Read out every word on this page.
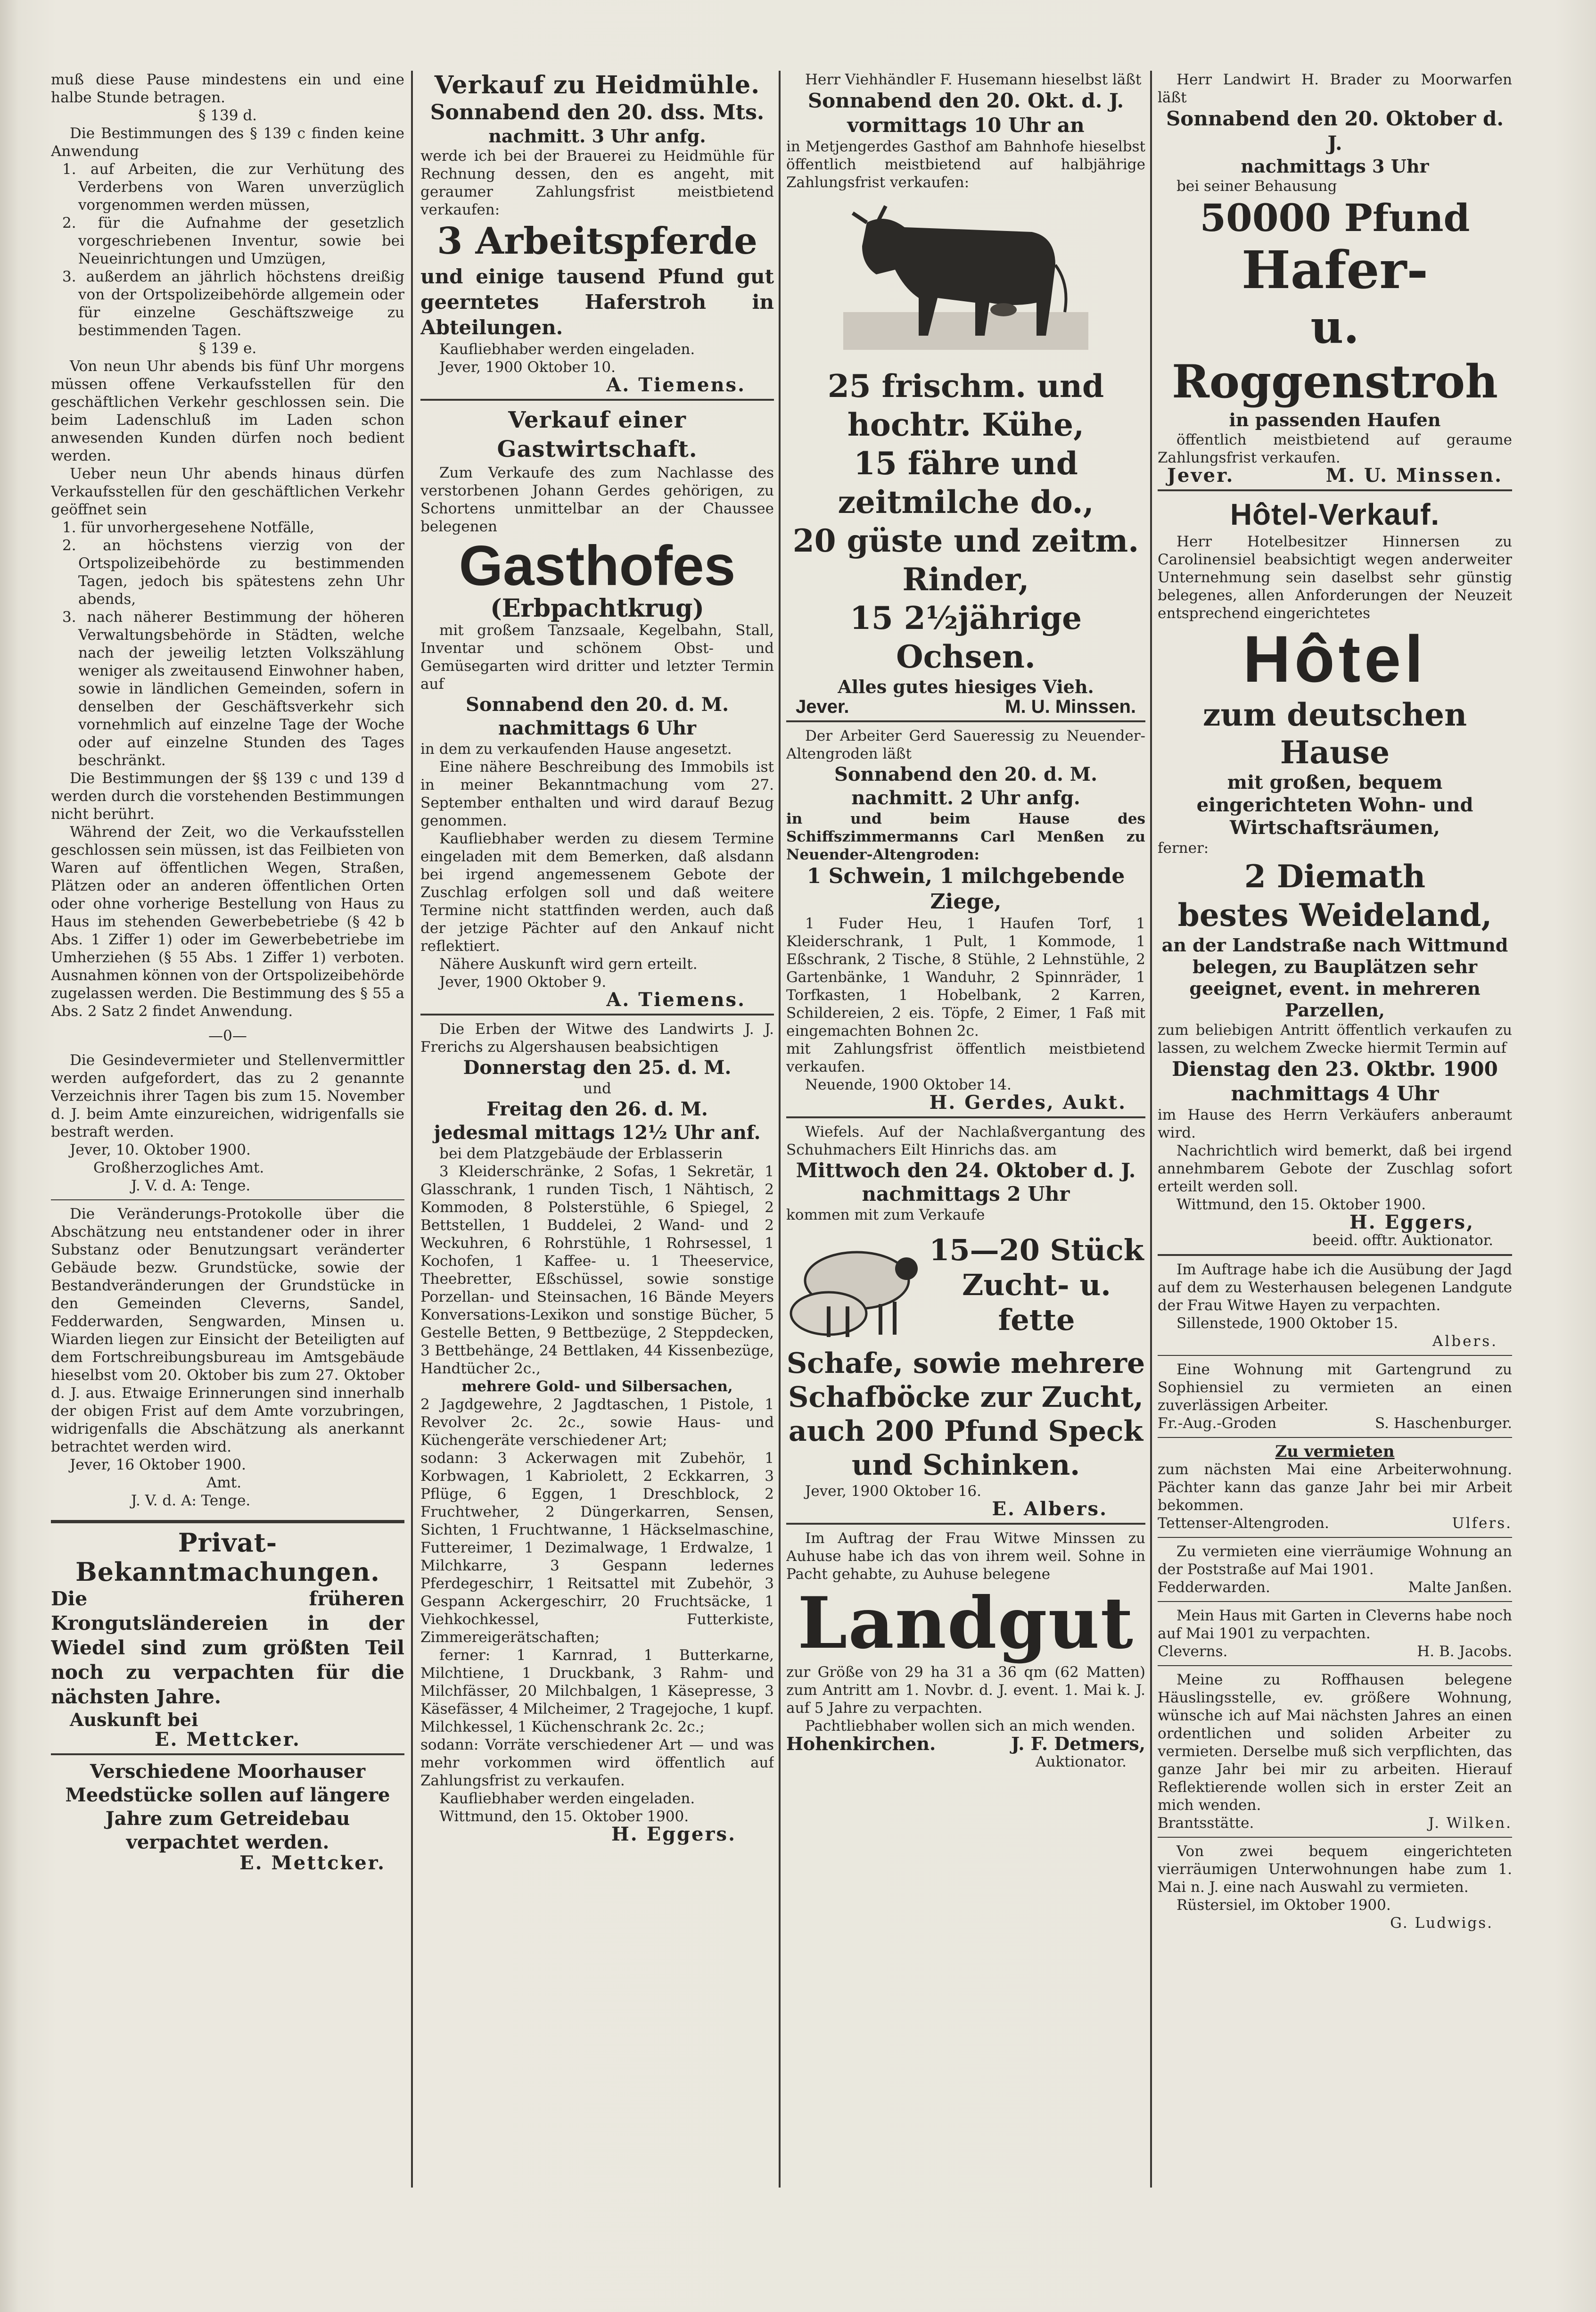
muß diese Pause mindestens ein und eine halbe Stunde betragen.

§ 139 d.

Die Bestimmungen des § 139 c finden keine Anwendung

1. auf Arbeiten, die zur Verhütung des Verderbens von Waren unverzüglich vorgenommen werden müssen,

2. für die Aufnahme der gesetzlich vorgeschriebenen Inventur, sowie bei Neueinrichtungen und Umzügen,

3. außerdem an jährlich höchstens dreißig von der Ortspolizeibehörde allgemein oder für einzelne Geschäftszweige zu bestimmenden Tagen.

§ 139 e.

Von neun Uhr abends bis fünf Uhr morgens müssen offene Verkaufsstellen für den geschäftlichen Verkehr geschlossen sein. Die beim Ladenschluß im Laden schon anwesenden Kunden dürfen noch bedient werden.

Ueber neun Uhr abends hinaus dürfen Verkaufsstellen für den geschäftlichen Verkehr geöffnet sein

1. für unvorhergesehene Notfälle,

2. an höchstens vierzig von der Ortspolizeibehörde zu bestimmenden Tagen, jedoch bis spätestens zehn Uhr abends,

3. nach näherer Bestimmung der höheren Verwaltungsbehörde in Städten, welche nach der jeweilig letzten Volkszählung weniger als zweitausend Einwohner haben, sowie in ländlichen Gemeinden, sofern in denselben der Geschäftsverkehr sich vornehmlich auf einzelne Tage der Woche oder auf einzelne Stunden des Tages beschränkt.

Die Bestimmungen der §§ 139 c und 139 d werden durch die vorstehenden Bestimmungen nicht berührt.

Während der Zeit, wo die Verkaufsstellen geschlossen sein müssen, ist das Feilbieten von Waren auf öffentlichen Wegen, Straßen, Plätzen oder an anderen öffentlichen Orten oder ohne vorherige Bestellung von Haus zu Haus im stehenden Gewerbebetriebe (§ 42 b Abs. 1 Ziffer 1) oder im Gewerbebetriebe im Umherziehen (§ 55 Abs. 1 Ziffer 1) verboten. Ausnahmen können von der Ortspolizeibehörde zugelassen werden. Die Bestimmung des § 55 a Abs. 2 Satz 2 findet Anwendung.

—0—

Die Gesindevermieter und Stellenvermittler werden aufgefordert, das zu 2 genannte Verzeichnis ihrer Tagen bis zum 15. November d. J. beim Amte einzureichen, widrigenfalls sie bestraft werden.

Jever, 10. Oktober 1900.

Großherzogliches Amt.

J. V. d. A: Tenge.

Die Veränderungs-Protokolle über die Abschätzung neu entstandener oder in ihrer Substanz oder Benutzungsart veränderter Gebäude bezw. Grundstücke, sowie der Bestandveränderungen der Grundstücke in den Gemeinden Cleverns, Sandel, Fedderwarden, Sengwarden, Minsen u. Wiarden liegen zur Einsicht der Beteiligten auf dem Fortschreibungsbureau im Amtsgebäude hieselbst vom 20. Oktober bis zum 27. Oktober d. J. aus. Etwaige Erinnerungen sind innerhalb der obigen Frist auf dem Amte vorzubringen, widrigenfalls die Abschätzung als anerkannt betrachtet werden wird.

Jever, 16 Oktober 1900.

Amt.

J. V. d. A: Tenge.

Privat-Bekanntmachungen.

Die früheren Krongutsländereien in der Wiedel sind zum größten Teil noch zu verpachten für die nächsten Jahre.

Auskunft bei

E. Mettcker.

Verschiedene Moorhauser Meedstücke sollen auf längere Jahre zum Getreidebau verpachtet werden.

E. Mettcker.

Verkauf zu Heidmühle.

Sonnabend den 20. dss. Mts.

nachmitt. 3 Uhr anfg.

werde ich bei der Brauerei zu Heidmühle für Rechnung dessen, den es angeht, mit geraumer Zahlungsfrist meistbietend verkaufen:

3 Arbeitspferde

und einige tausend Pfund gut geerntetes Haferstroh in Abteilungen.

Kaufliebhaber werden eingeladen.

Jever, 1900 Oktober 10.

A. Tiemens.

Verkauf einer Gastwirtschaft.

Zum Verkaufe des zum Nachlasse des verstorbenen Johann Gerdes gehörigen, zu Schortens unmittelbar an der Chaussee belegenen

Gasthofes

(Erbpachtkrug)

mit großem Tanzsaale, Kegelbahn, Stall, Inventar und schönem Obst- und Gemüsegarten wird dritter und letzter Termin auf

Sonnabend den 20. d. M.

nachmittags 6 Uhr

in dem zu verkaufenden Hause angesetzt.

Eine nähere Beschreibung des Immobils ist in meiner Bekanntmachung vom 27. September enthalten und wird darauf Bezug genommen.

Kaufliebhaber werden zu diesem Termine eingeladen mit dem Bemerken, daß alsdann bei irgend angemessenem Gebote der Zuschlag erfolgen soll und daß weitere Termine nicht stattfinden werden, auch daß der jetzige Pächter auf den Ankauf nicht reflektiert.

Nähere Auskunft wird gern erteilt.

Jever, 1900 Oktober 9.

A. Tiemens.

Die Erben der Witwe des Landwirts J. J. Frerichs zu Algershausen beabsichtigen

Donnerstag den 25. d. M.

und

Freitag den 26. d. M.

jedesmal mittags 12½ Uhr anf.

bei dem Platzgebäude der Erblasserin

3 Kleiderschränke, 2 Sofas, 1 Sekretär, 1 Glasschrank, 1 runden Tisch, 1 Nähtisch, 2 Kommoden, 8 Polsterstühle, 6 Spiegel, 2 Bettstellen, 1 Buddelei, 2 Wand- und 2 Weckuhren, 6 Rohrstühle, 1 Rohrsessel, 1 Kochofen, 1 Kaffee- u. 1 Theeservice, Theebretter, Eßschüssel, sowie sonstige Porzellan- und Steinsachen, 16 Bände Meyers Konversations-Lexikon und sonstige Bücher, 5 Gestelle Betten, 9 Bettbezüge, 2 Steppdecken, 3 Bettbehänge, 24 Bettlaken, 44 Kissenbezüge, Handtücher 2c.,

mehrere Gold- und Silbersachen,

2 Jagdgewehre, 2 Jagdtaschen, 1 Pistole, 1 Revolver 2c. 2c., sowie Haus- und Küchengeräte verschiedener Art;

sodann: 3 Ackerwagen mit Zubehör, 1 Korbwagen, 1 Kabriolett, 2 Eckkarren, 3 Pflüge, 6 Eggen, 1 Dreschblock, 2 Fruchtweher, 2 Düngerkarren, Sensen, Sichten, 1 Fruchtwanne, 1 Häckselmaschine, Futtereimer, 1 Dezimalwage, 1 Erdwalze, 1 Milchkarre, 3 Gespann ledernes Pferdegeschirr, 1 Reitsattel mit Zubehör, 3 Gespann Ackergeschirr, 20 Fruchtsäcke, 1 Viehkochkessel, Futterkiste, Zimmereigerätschaften;

ferner: 1 Karnrad, 1 Butterkarne, Milchtiene, 1 Druckbank, 3 Rahm- und Milchfässer, 20 Milchbalgen, 1 Käsepresse, 3 Käsefässer, 4 Milcheimer, 2 Tragejoche, 1 kupf. Milchkessel, 1 Küchenschrank 2c. 2c.;

sodann: Vorräte verschiedener Art — und was mehr vorkommen wird öffentlich auf Zahlungsfrist zu verkaufen.

Kaufliebhaber werden eingeladen.

Wittmund, den 15. Oktober 1900.

H. Eggers.

Herr Viehhändler F. Husemann hieselbst läßt

Sonnabend den 20. Okt. d. J.

vormittags 10 Uhr an

in Metjengerdes Gasthof am Bahnhofe hieselbst öffentlich meistbietend auf halbjährige Zahlungsfrist verkaufen:

25 frischm. und hochtr. Kühe,

15 fähre und zeitmilche do.,

20 güste und zeitm. Rinder,

15 2½jährige Ochsen.

Alles gutes hiesiges Vieh.

Jever.	M. U. Minssen.

Der Arbeiter Gerd Saueressig zu Neuender-Altengroden läßt

Sonnabend den 20. d. M.

nachmitt. 2 Uhr anfg.

in und beim Hause des Schiffszimmermanns Carl Menßen zu Neuender-Altengroden:

1 Schwein, 1 milchgebende Ziege,

1 Fuder Heu, 1 Haufen Torf, 1 Kleiderschrank, 1 Pult, 1 Kommode, 1 Eßschrank, 2 Tische, 8 Stühle, 2 Lehnstühle, 2 Gartenbänke, 1 Wanduhr, 2 Spinnräder, 1 Torfkasten, 1 Hobelbank, 2 Karren, Schildereien, 2 eis. Töpfe, 2 Eimer, 1 Faß mit eingemachten Bohnen 2c.

mit Zahlungsfrist öffentlich meistbietend verkaufen.

Neuende, 1900 Oktober 14.

H. Gerdes, Aukt.

Wiefels. Auf der Nachlaßvergantung des Schuhmachers Eilt Hinrichs das. am

Mittwoch den 24. Oktober d. J.

nachmittags 2 Uhr

kommen mit zum Verkaufe

15—20 Stück Zucht- u. fette

Schafe, sowie mehrere Schafböcke zur Zucht,

auch 200 Pfund Speck und Schinken.

Jever, 1900 Oktober 16.

E. Albers.

Im Auftrag der Frau Witwe Minssen zu Auhuse habe ich das von ihrem weil. Sohne in Pacht gehabte, zu Auhuse belegene

Landgut

zur Größe von 29 ha 31 a 36 qm (62 Matten) zum Antritt am 1. Novbr. d. J. event. 1. Mai k. J. auf 5 Jahre zu verpachten.

Pachtliebhaber wollen sich an mich wenden.

Hohenkirchen.	J. F. Detmers,

Auktionator.

Herr Landwirt H. Brader zu Moorwarfen läßt

Sonnabend den 20. Oktober d. J.

nachmittags 3 Uhr

bei seiner Behausung

50000 Pfund

Hafer-

u. Roggenstroh

in passenden Haufen

öffentlich meistbietend auf geraume Zahlungsfrist verkaufen.

Jever.	M. U. Minssen.

Hôtel-Verkauf.

Herr Hotelbesitzer Hinnersen zu Carolinensiel beabsichtigt wegen anderweiter Unternehmung sein daselbst sehr günstig belegenes, allen Anforderungen der Neuzeit entsprechend eingerichtetes

Hôtel

zum deutschen Hause

mit großen, bequem eingerichteten Wohn- und Wirtschaftsräumen,

ferner:

2 Diemath

bestes Weideland,

an der Landstraße nach Wittmund belegen, zu Bauplätzen sehr geeignet, event. in mehreren Parzellen,

zum beliebigen Antritt öffentlich verkaufen zu lassen, zu welchem Zwecke hiermit Termin auf

Dienstag den 23. Oktbr. 1900

nachmittags 4 Uhr

im Hause des Herrn Verkäufers anberaumt wird.

Nachrichtlich wird bemerkt, daß bei irgend annehmbarem Gebote der Zuschlag sofort erteilt werden soll.

Wittmund, den 15. Oktober 1900.

H. Eggers,

beeid. offtr. Auktionator.

Im Auftrage habe ich die Ausübung der Jagd auf dem zu Westerhausen belegenen Landgute der Frau Witwe Hayen zu verpachten.

Sillenstede, 1900 Oktober 15.

Albers.

Eine Wohnung mit Gartengrund zu Sophiensiel zu vermieten an einen zuverlässigen Arbeiter.

Fr.-Aug.-Groden	S. Haschenburger.

Zu vermieten

zum nächsten Mai eine Arbeiterwohnung. Pächter kann das ganze Jahr bei mir Arbeit bekommen.

Tettenser-Altengroden.	Ulfers.

Zu vermieten eine vierräumige Wohnung an der Poststraße auf Mai 1901.

Fedderwarden.	Malte Janßen.

Mein Haus mit Garten in Cleverns habe noch auf Mai 1901 zu verpachten.

Cleverns.	H. B. Jacobs.

Meine zu Roffhausen belegene Häuslingsstelle, ev. größere Wohnung, wünsche ich auf Mai nächsten Jahres an einen ordentlichen und soliden Arbeiter zu vermieten. Derselbe muß sich verpflichten, das ganze Jahr bei mir zu arbeiten. Hierauf Reflektierende wollen sich in erster Zeit an mich wenden.

Brantsstätte.	J. Wilken.

Von zwei bequem eingerichteten vierräumigen Unterwohnungen habe zum 1. Mai n. J. eine nach Auswahl zu vermieten.

Rüstersiel, im Oktober 1900.

G. Ludwigs.
